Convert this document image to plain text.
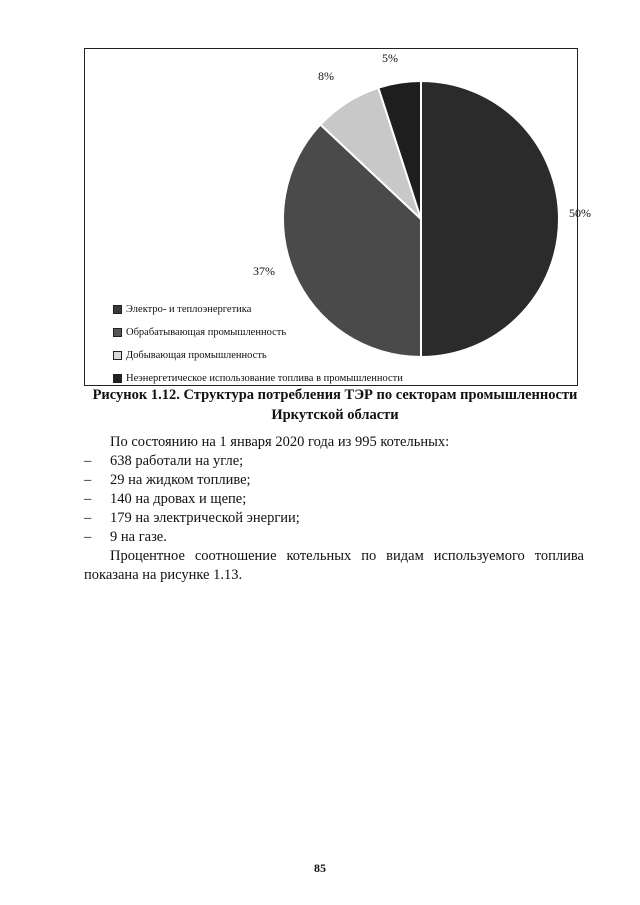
50%
37%
8%
5%
Электро- и теплоэнергетика
Обрабатывающая промышленность
Добывающая промышленность
Неэнергетическое использование топлива в промышленности
Рисунок 1.12. Структура потребления ТЭР по секторам промышленности
Иркутской области

По состоянию на 1 января 2020 года из 995 котельных:

–	638 работали на угле;
–	29 на жидком топливе;
–	140 на дровах и щепе;
–	179 на электрической энергии;
–	9 на газе.

Процентное соотношение котельных по видам используемого топлива показана на рисунке 1.13.

85
